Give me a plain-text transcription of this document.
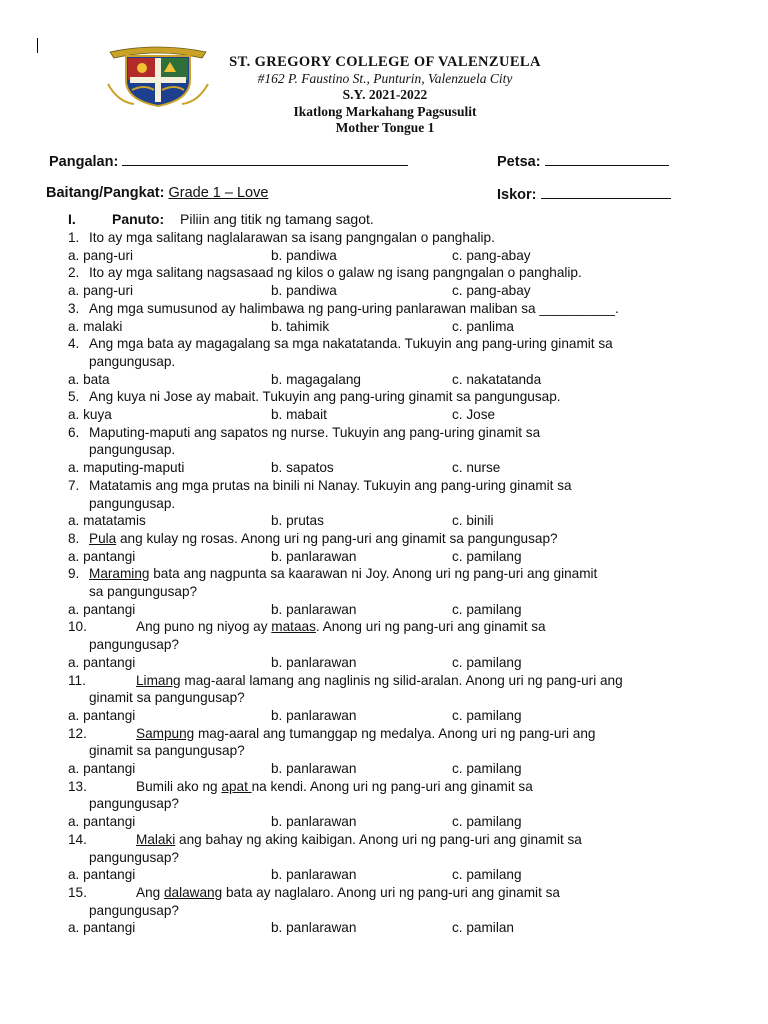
ST. GREGORY COLLEGE OF VALENZUELA
#162 P. Faustino St., Punturin, Valenzuela City
S.Y. 2021-2022
Ikatlong Markahang Pagsusulit
Mother Tongue 1
Pangalan:	Petsa:
Baitang/Pangkat: Grade 1 – Love	Iskor:
I.	Panuto: Piliin ang titik ng tamang sagot.
1. Ito ay mga salitang naglalarawan sa isang pangngalan o panghalip.
a. pang-uri	b. pandiwa	c. pang-abay
2. Ito ay mga salitang nagsasaad ng kilos o galaw ng isang pangngalan o panghalip.
a. pang-uri	b. pandiwa	c. pang-abay
3. Ang mga sumusunod ay halimbawa ng pang-uring panlarawan maliban sa __________.
a. malaki	b. tahimik	c. panlima
4. Ang mga bata ay magagalang sa mga nakatatanda. Tukuyin ang pang-uring ginamit sa
pangungusap.
a. bata	b. magagalang	c. nakatatanda
5. Ang kuya ni Jose ay mabait. Tukuyin ang pang-uring ginamit sa pangungusap.
a. kuya	b. mabait	c. Jose
6. Maputing-maputi ang sapatos ng nurse. Tukuyin ang pang-uring ginamit sa
pangungusap.
a. maputing-maputi	b. sapatos	c. nurse
7. Matatamis ang mga prutas na binili ni Nanay. Tukuyin ang pang-uring ginamit sa
pangungusap.
a. matatamis	b. prutas	c. binili
8. Pula ang kulay ng rosas. Anong uri ng pang-uri ang ginamit sa pangungusap?
a. pantangi	b. panlarawan	c. pamilang
9. Maraming bata ang nagpunta sa kaarawan ni Joy. Anong uri ng pang-uri ang ginamit
sa pangungusap?
a. pantangi	b. panlarawan	c. pamilang
10.	Ang puno ng niyog ay mataas. Anong uri ng pang-uri ang ginamit sa
pangungusap?
a. pantangi	b. panlarawan	c. pamilang
11.	Limang mag-aaral lamang ang naglinis ng silid-aralan. Anong uri ng pang-uri ang
ginamit sa pangungusap?
a. pantangi	b. panlarawan	c. pamilang
12.	Sampung mag-aaral ang tumanggap ng medalya. Anong uri ng pang-uri ang
ginamit sa pangungusap?
a. pantangi	b. panlarawan	c. pamilang
13.	Bumili ako ng apat na kendi. Anong uri ng pang-uri ang ginamit sa
pangungusap?
a. pantangi	b. panlarawan	c. pamilang
14.	Malaki ang bahay ng aking kaibigan. Anong uri ng pang-uri ang ginamit sa
pangungusap?
a. pantangi	b. panlarawan	c. pamilang
15.	Ang dalawang bata ay naglalaro. Anong uri ng pang-uri ang ginamit sa
pangungusap?
a. pantangi	b. panlarawan	c. pamilan
